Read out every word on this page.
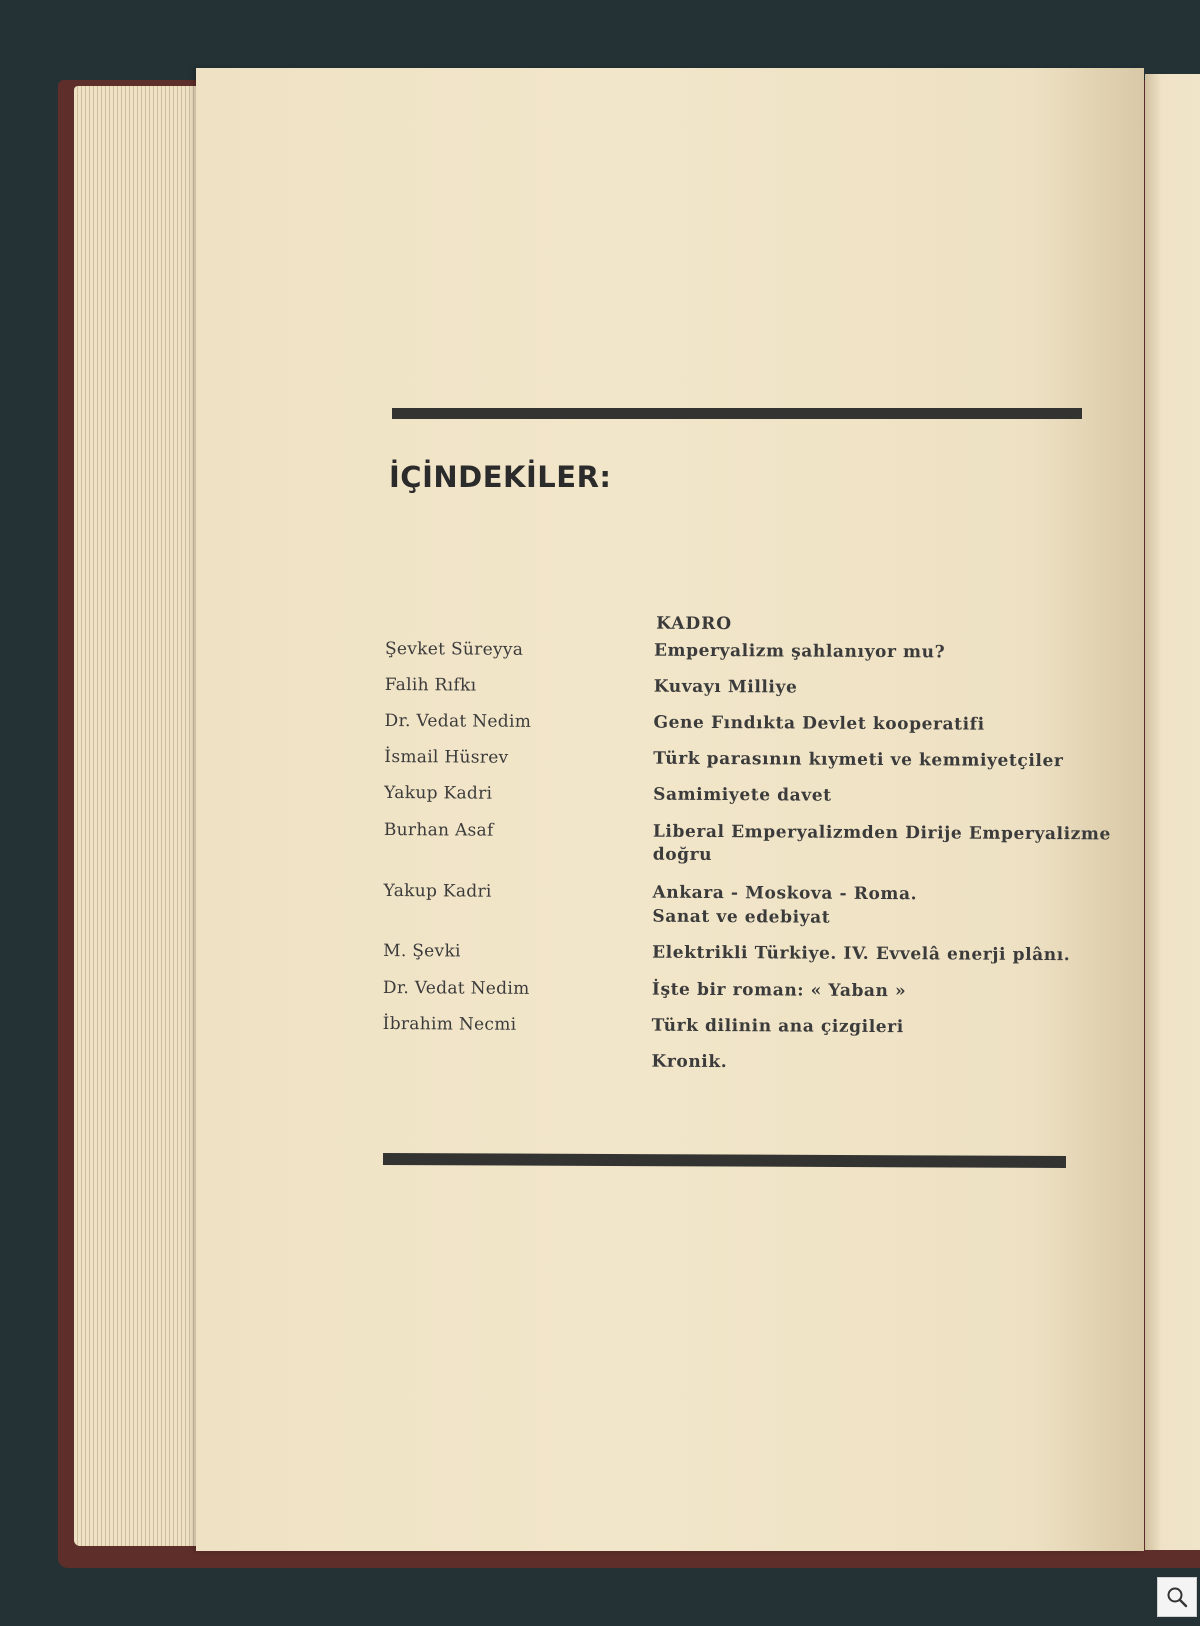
İÇİNDEKİLER:
KADRO
Şevket Süreyya	Emperyalizm şahlanıyor mu?
Falih Rıfkı	Kuvayı Milliye
Dr. Vedat Nedim	Gene Fındıkta Devlet kooperatifi
İsmail Hüsrev	Türk parasının kıymeti ve kemmiyetçiler
Yakup Kadri	Samimiyete davet
Burhan Asaf	Liberal Emperyalizmden Dirije Emperyalizme
doğru
Yakup Kadri	Ankara - Moskova - Roma.
Sanat ve edebiyat
M. Şevki	Elektrikli Türkiye. IV. Evvelâ enerji plânı.
Dr. Vedat Nedim	İşte bir roman: « Yaban »
İbrahim Necmi	Türk dilinin ana çizgileri
Kronik.
